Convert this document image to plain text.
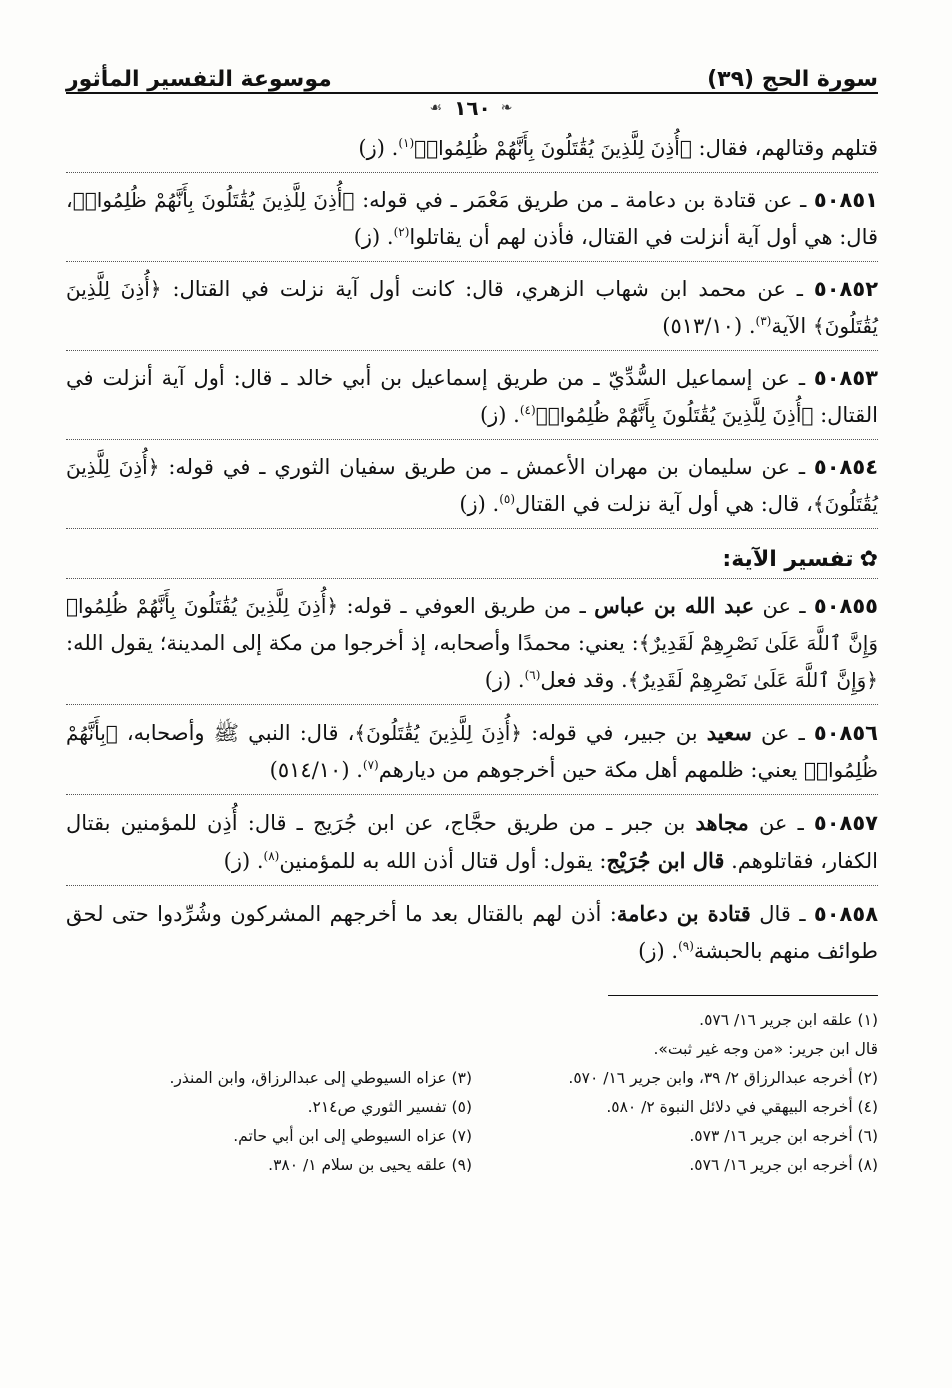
سورة الحج (٣٩)
موسوعة التفسير المأثور
❧
١٦٠
☙

قتلهم وقتالهم، فقال: ﴿أُذِنَ لِلَّذِينَ يُقَٰتَلُونَ بِأَنَّهُمْ ظُلِمُوا۟﴾$^{(١)}$. (ز)

٥٠٨٥١ ـ عن قتادة بن دعامة ـ من طريق مَعْمَر ـ في قوله: ﴿أُذِنَ لِلَّذِينَ يُقَٰتَلُونَ بِأَنَّهُمْ ظُلِمُوا۟﴾، قال: هي أول آية أنزلت في القتال، فأذن لهم أن يقاتلوا$^{(٢)}$. (ز)

٥٠٨٥٢ ـ عن محمد ابن شهاب الزهري، قال: كانت أول آية نزلت في القتال: ﴿أُذِنَ لِلَّذِينَ يُقَٰتَلُونَ﴾ الآية$^{(٣)}$. (٥١٣/١٠)

٥٠٨٥٣ ـ عن إسماعيل السُّدِّيّ ـ من طريق إسماعيل بن أبي خالد ـ قال: أول آية أنزلت في القتال: ﴿أُذِنَ لِلَّذِينَ يُقَٰتَلُونَ بِأَنَّهُمْ ظُلِمُوا۟﴾$^{(٤)}$. (ز)

٥٠٨٥٤ ـ عن سليمان بن مهران الأعمش ـ من طريق سفيان الثوري ـ في قوله: ﴿أُذِنَ لِلَّذِينَ يُقَٰتَلُونَ﴾، قال: هي أول آية نزلت في القتال$^{(٥)}$. (ز)

✿تفسير الآية:

٥٠٨٥٥ ـ عن عبد الله بن عباس ـ من طريق العوفي ـ قوله: ﴿أُذِنَ لِلَّذِينَ يُقَٰتَلُونَ بِأَنَّهُمْ ظُلِمُوا۟ وَإِنَّ ٱللَّهَ عَلَىٰ نَصْرِهِمْ لَقَدِيرٌ﴾: يعني: محمدًا وأصحابه، إذ أخرجوا من مكة إلى المدينة؛ يقول الله: ﴿وَإِنَّ ٱللَّهَ عَلَىٰ نَصْرِهِمْ لَقَدِيرٌ﴾. وقد فعل$^{(٦)}$. (ز)

٥٠٨٥٦ ـ عن سعيد بن جبير، في قوله: ﴿أُذِنَ لِلَّذِينَ يُقَٰتَلُونَ﴾، قال: النبي ﷺ وأصحابه، ﴿بِأَنَّهُمْ ظُلِمُوا۟﴾ يعني: ظلمهم أهل مكة حين أخرجوهم من ديارهم$^{(٧)}$. (٥١٤/١٠)

٥٠٨٥٧ ـ عن مجاهد بن جبر ـ من طريق حجَّاج، عن ابن جُرَيج ـ قال: أُذِن للمؤمنين بقتال الكفار، فقاتلوهم. قال ابن جُرَيْج: يقول: أول قتال أذن الله به للمؤمنين$^{(٨)}$. (ز)

٥٠٨٥٨ ـ قال قتادة بن دعامة: أذن لهم بالقتال بعد ما أخرجهم المشركون وشُرِّدوا حتى لحق طوائف منهم بالحبشة$^{(٩)}$. (ز)

(١) علقه ابن جرير ١٦/ ٥٧٦.
قال ابن جرير: «من وجه غير ثبت».
(٢) أخرجه عبدالرزاق ٢/ ٣٩، وابن جرير ١٦/ ٥٧٠.
(٣) عزاه السيوطي إلى عبدالرزاق، وابن المنذر.
(٤) أخرجه البيهقي في دلائل النبوة ٢/ ٥٨٠.
(٥) تفسير الثوري ص٢١٤.
(٦) أخرجه ابن جرير ١٦/ ٥٧٣.
(٧) عزاه السيوطي إلى ابن أبي حاتم.
(٨) أخرجه ابن جرير ١٦/ ٥٧٦.
(٩) علقه يحيى بن سلام ١/ ٣٨٠.
